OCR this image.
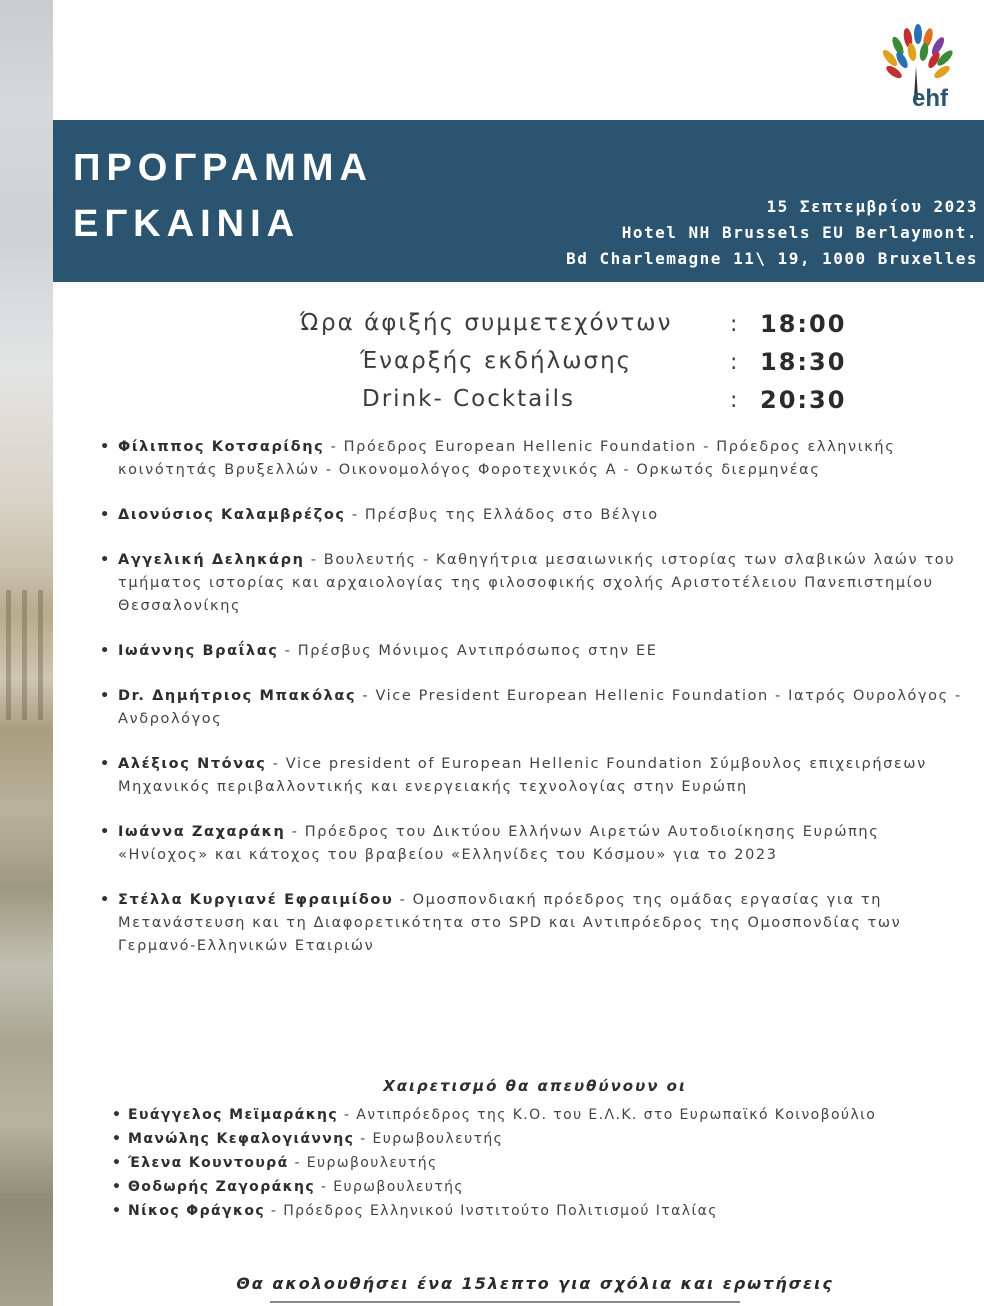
ehf
ΠΡΟΓΡΑΜΜΑ
ΕΓΚΑΙΝΙΑ	15 Σεπτεμβρίου 2023
Hotel NH Brussels EU Berlaymont.
Bd Charlemagne 11\ 19, 1000 Bruxelles
Ώρα άφιξής συμμετεχόντων	: 18:00
Έναρξής εκδήλωσης	: 18:30
Drink- Cocktails	: 20:30
• Φίλιππος Κοτσαρίδης - Πρόεδρος European Hellenic Foundation - Πρόεδρος ελληνικής κοινότητάς Βρυξελλών - Οικονομολόγος Φοροτεχνικός Α - Ορκωτός διερμηνέας
• Διονύσιος Καλαμβρέζος - Πρέσβυς της Ελλάδος στο Βέλγιο
• Αγγελική Δεληκάρη - Βουλευτής - Καθηγήτρια μεσαιωνικής ιστορίας των σλαβικών λαών του τμήματος ιστορίας και αρχαιολογίας της φιλοσοφικής σχολής Αριστοτέλειου Πανεπιστημίου Θεσσαλονίκης
• Ιωάννης Βραΐλας - Πρέσβυς Μόνιμος Αντιπρόσωπος στην ΕΕ
• Dr. Δημήτριος Μπακόλας - Vice President European Hellenic Foundation - Ιατρός Ουρολόγος - Ανδρολόγος
• Αλέξιος Ντόνας - Vice president of European Hellenic Foundation Σύμβουλος επιχειρήσεων Μηχανικός περιβαλλοντικής και ενεργειακής τεχνολογίας στην Ευρώπη
• Ιωάννα Ζαχαράκη - Πρόεδρος του Δικτύου Ελλήνων Αιρετών Αυτοδιοίκησης Ευρώπης «Ηνίοχος» και κάτοχος του βραβείου «Ελληνίδες του Κόσμου» για το 2023
• Στέλλα Κυργιανέ Εφραιμίδου - Ομοσπονδιακή πρόεδρος της ομάδας εργασίας για τη Μετανάστευση και τη Διαφορετικότητα στο SPD και Αντιπρόεδρος της Ομοσπονδίας των Γερμανό-Ελληνικών Εταιριών
Χαιρετισμό θα απευθύνουν οι
• Ευάγγελος Μεϊμαράκης - Αντιπρόεδρος της Κ.Ο. του Ε.Λ.Κ. στο Ευρωπαϊκό Κοινοβούλιο
• Μανώλης Κεφαλογιάννης - Ευρωβουλευτής
• Έλενα Κουντουρά - Ευρωβουλευτής
• Θοδωρής Ζαγοράκης - Ευρωβουλευτής
• Νίκος Φράγκος - Πρόεδρος Ελληνικού Ινστιτούτο Πολιτισμού Ιταλίας
Θα ακολουθήσει ένα 15λεπτο για σχόλια και ερωτήσεις
